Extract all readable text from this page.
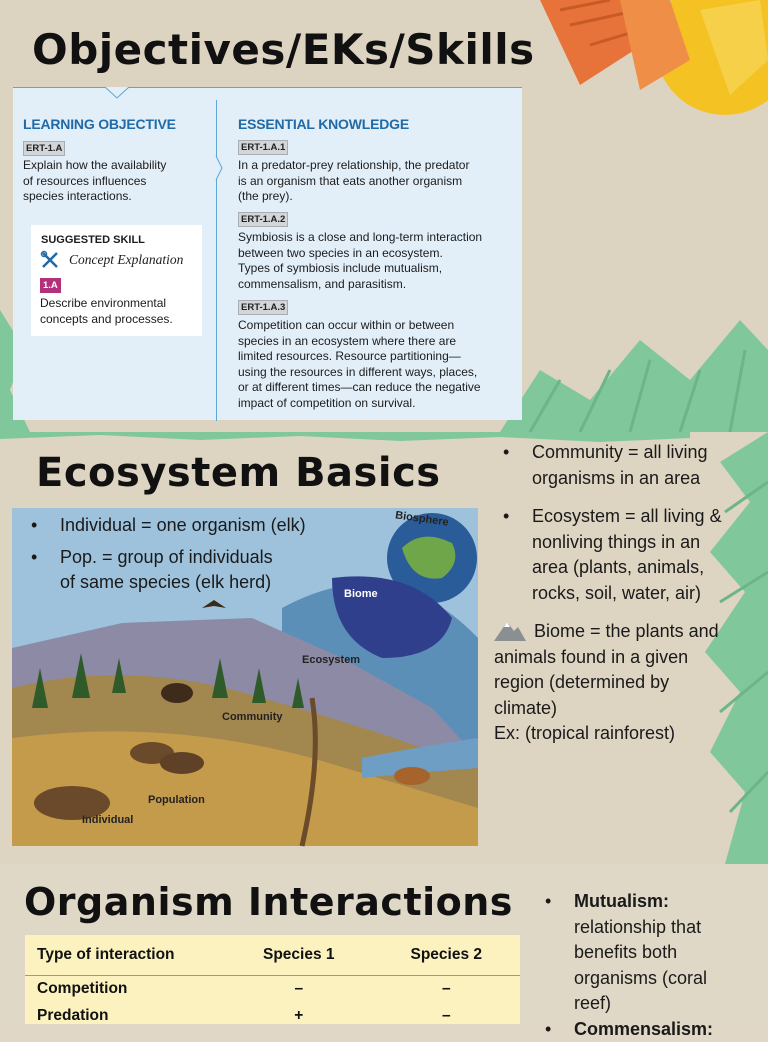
Objectives/EKs/Skills
LEARNING OBJECTIVE
ERT-1.A
Explain how the availability
of resources influences
species interactions.
SUGGESTED SKILL
Concept Explanation
1.A
Describe environmental
concepts and processes.
ESSENTIAL KNOWLEDGE
ERT-1.A.1
In a predator-prey relationship, the predator
is an organism that eats another organism
(the prey).
ERT-1.A.2
Symbiosis is a close and long-term interaction
between two species in an ecosystem.
Types of symbiosis include mutualism,
commensalism, and parasitism.
ERT-1.A.3
Competition can occur within or between
species in an ecosystem where there are
limited resources. Resource partitioning—
using the resources in different ways, places,
or at different times—can reduce the negative
impact of competition on survival.
Ecosystem Basics
Biosphere
Biome
Ecosystem
Community
Population
Individual
• Individual = one organism (elk)
• Pop. = group of individuals
of same species (elk herd)
• Community = all living
organisms in an area
• Ecosystem = all living &
nonliving things in an
area (plants, animals,
rocks, soil, water, air)
Biome = the plants and
animals found in a given
region (determined by
climate)
Ex: (tropical rainforest)
Organism Interactions
Type of interaction	Species 1	Species 2
Competition	–	–
Predation	+	–
• Mutualism:
relationship that
benefits both
organisms (coral
reef)
• Commensalism:
